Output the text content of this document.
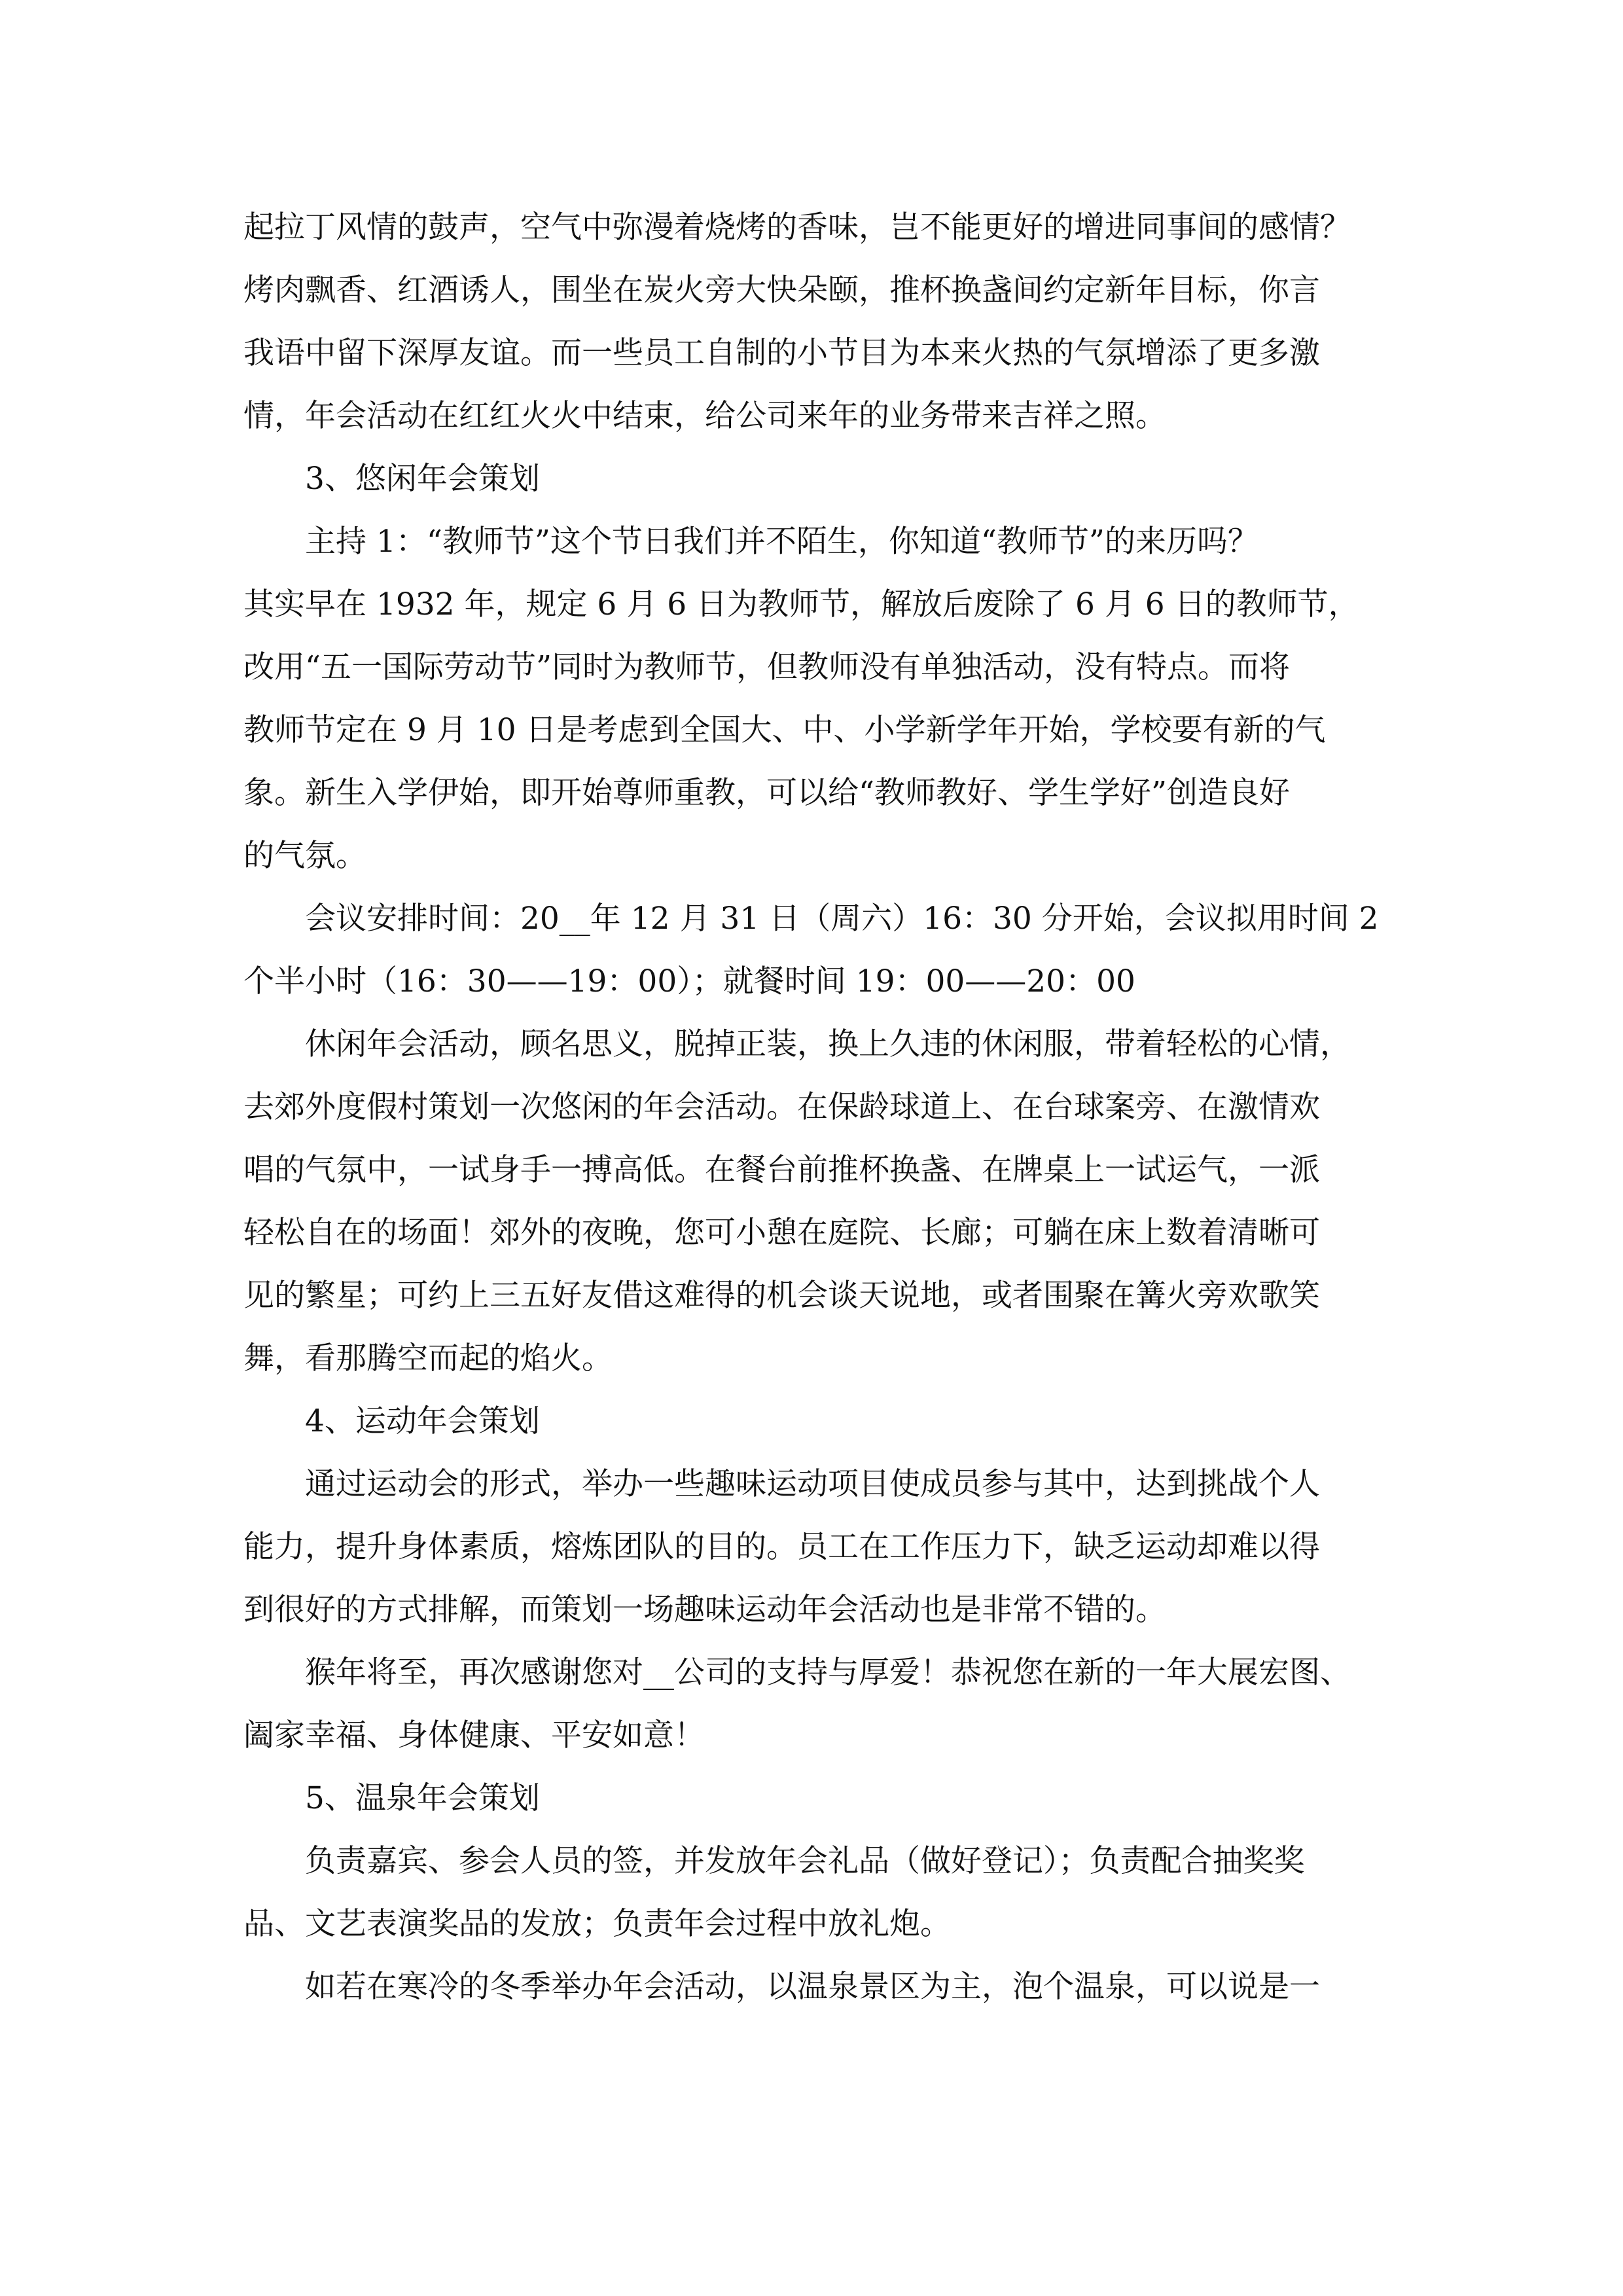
起拉丁风情的鼓声，空气中弥漫着烧烤的香味，岂不能更好的增进同事间的感情？
烤肉飘香、红酒诱人，围坐在炭火旁大快朵颐，推杯换盏间约定新年目标，你言
我语中留下深厚友谊。而一些员工自制的小节目为本来火热的气氛增添了更多激
情，年会活动在红红火火中结束，给公司来年的业务带来吉祥之照。
3、悠闲年会策划
主持 1：“教师节”这个节日我们并不陌生，你知道“教师节”的来历吗？
其实早在 1932 年，规定 6 月 6 日为教师节，解放后废除了 6 月 6 日的教师节，
改用“五一国际劳动节”同时为教师节，但教师没有单独活动，没有特点。而将
教师节定在 9 月 10 日是考虑到全国大、中、小学新学年开始，学校要有新的气
象。新生入学伊始，即开始尊师重教，可以给“教师教好、学生学好”创造良好
的气氛。
会议安排时间：20__年 12 月 31 日（周六）16：30 分开始，会议拟用时间 2
个半小时（16：30——19：00）；就餐时间 19：00——20：00
休闲年会活动，顾名思义，脱掉正装，换上久违的休闲服，带着轻松的心情，
去郊外度假村策划一次悠闲的年会活动。在保龄球道上、在台球案旁、在激情欢
唱的气氛中，一试身手一搏高低。在餐台前推杯换盏、在牌桌上一试运气，一派
轻松自在的场面！郊外的夜晚，您可小憩在庭院、长廊；可躺在床上数着清晰可
见的繁星；可约上三五好友借这难得的机会谈天说地，或者围聚在篝火旁欢歌笑
舞，看那腾空而起的焰火。
4、运动年会策划
通过运动会的形式，举办一些趣味运动项目使成员参与其中，达到挑战个人
能力，提升身体素质，熔炼团队的目的。员工在工作压力下，缺乏运动却难以得
到很好的方式排解，而策划一场趣味运动年会活动也是非常不错的。
猴年将至，再次感谢您对__公司的支持与厚爱！恭祝您在新的一年大展宏图、
阖家幸福、身体健康、平安如意！
5、温泉年会策划
负责嘉宾、参会人员的签，并发放年会礼品（做好登记）；负责配合抽奖奖
品、文艺表演奖品的发放；负责年会过程中放礼炮。
如若在寒冷的冬季举办年会活动，以温泉景区为主，泡个温泉，可以说是一
